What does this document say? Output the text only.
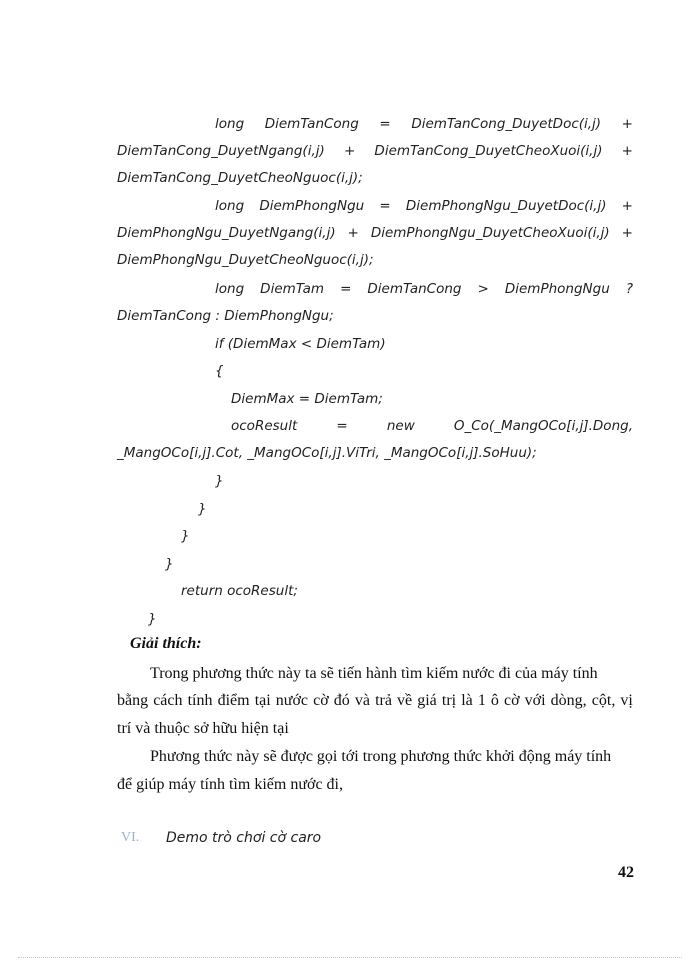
long DiemTanCong = DiemTanCong_DuyetDoc(i,j) +
DiemTanCong_DuyetNgang(i,j) + DiemTanCong_DuyetCheoXuoi(i,j) +
DiemTanCong_DuyetCheoNguoc(i,j);
long DiemPhongNgu = DiemPhongNgu_DuyetDoc(i,j) +
DiemPhongNgu_DuyetNgang(i,j) + DiemPhongNgu_DuyetCheoXuoi(i,j) +
DiemPhongNgu_DuyetCheoNguoc(i,j);
long DiemTam = DiemTanCong > DiemPhongNgu ?
DiemTanCong : DiemPhongNgu;
if (DiemMax < DiemTam)
{
DiemMax = DiemTam;
ocoResult	=	new	O_Co(_MangOCo[i,j].Dong,
_MangOCo[i,j].Cot, _MangOCo[i,j].ViTri, _MangOCo[i,j].SoHuu);
}
}
}
}
return ocoResult;
}
Giải thích:
Trong phương thức này ta sẽ tiến hành tìm kiếm nước đi của máy tính
bằng cách tính điểm tại nước cờ đó và trả về giá trị là 1 ô cờ với dòng, cột, vị
trí và thuộc sở hữu hiện tại
Phương thức này sẽ được gọi tới trong phương thức khởi động máy tính
để giúp máy tính tìm kiếm nước đi,
VI. Demo trò chơi cờ caro
42
